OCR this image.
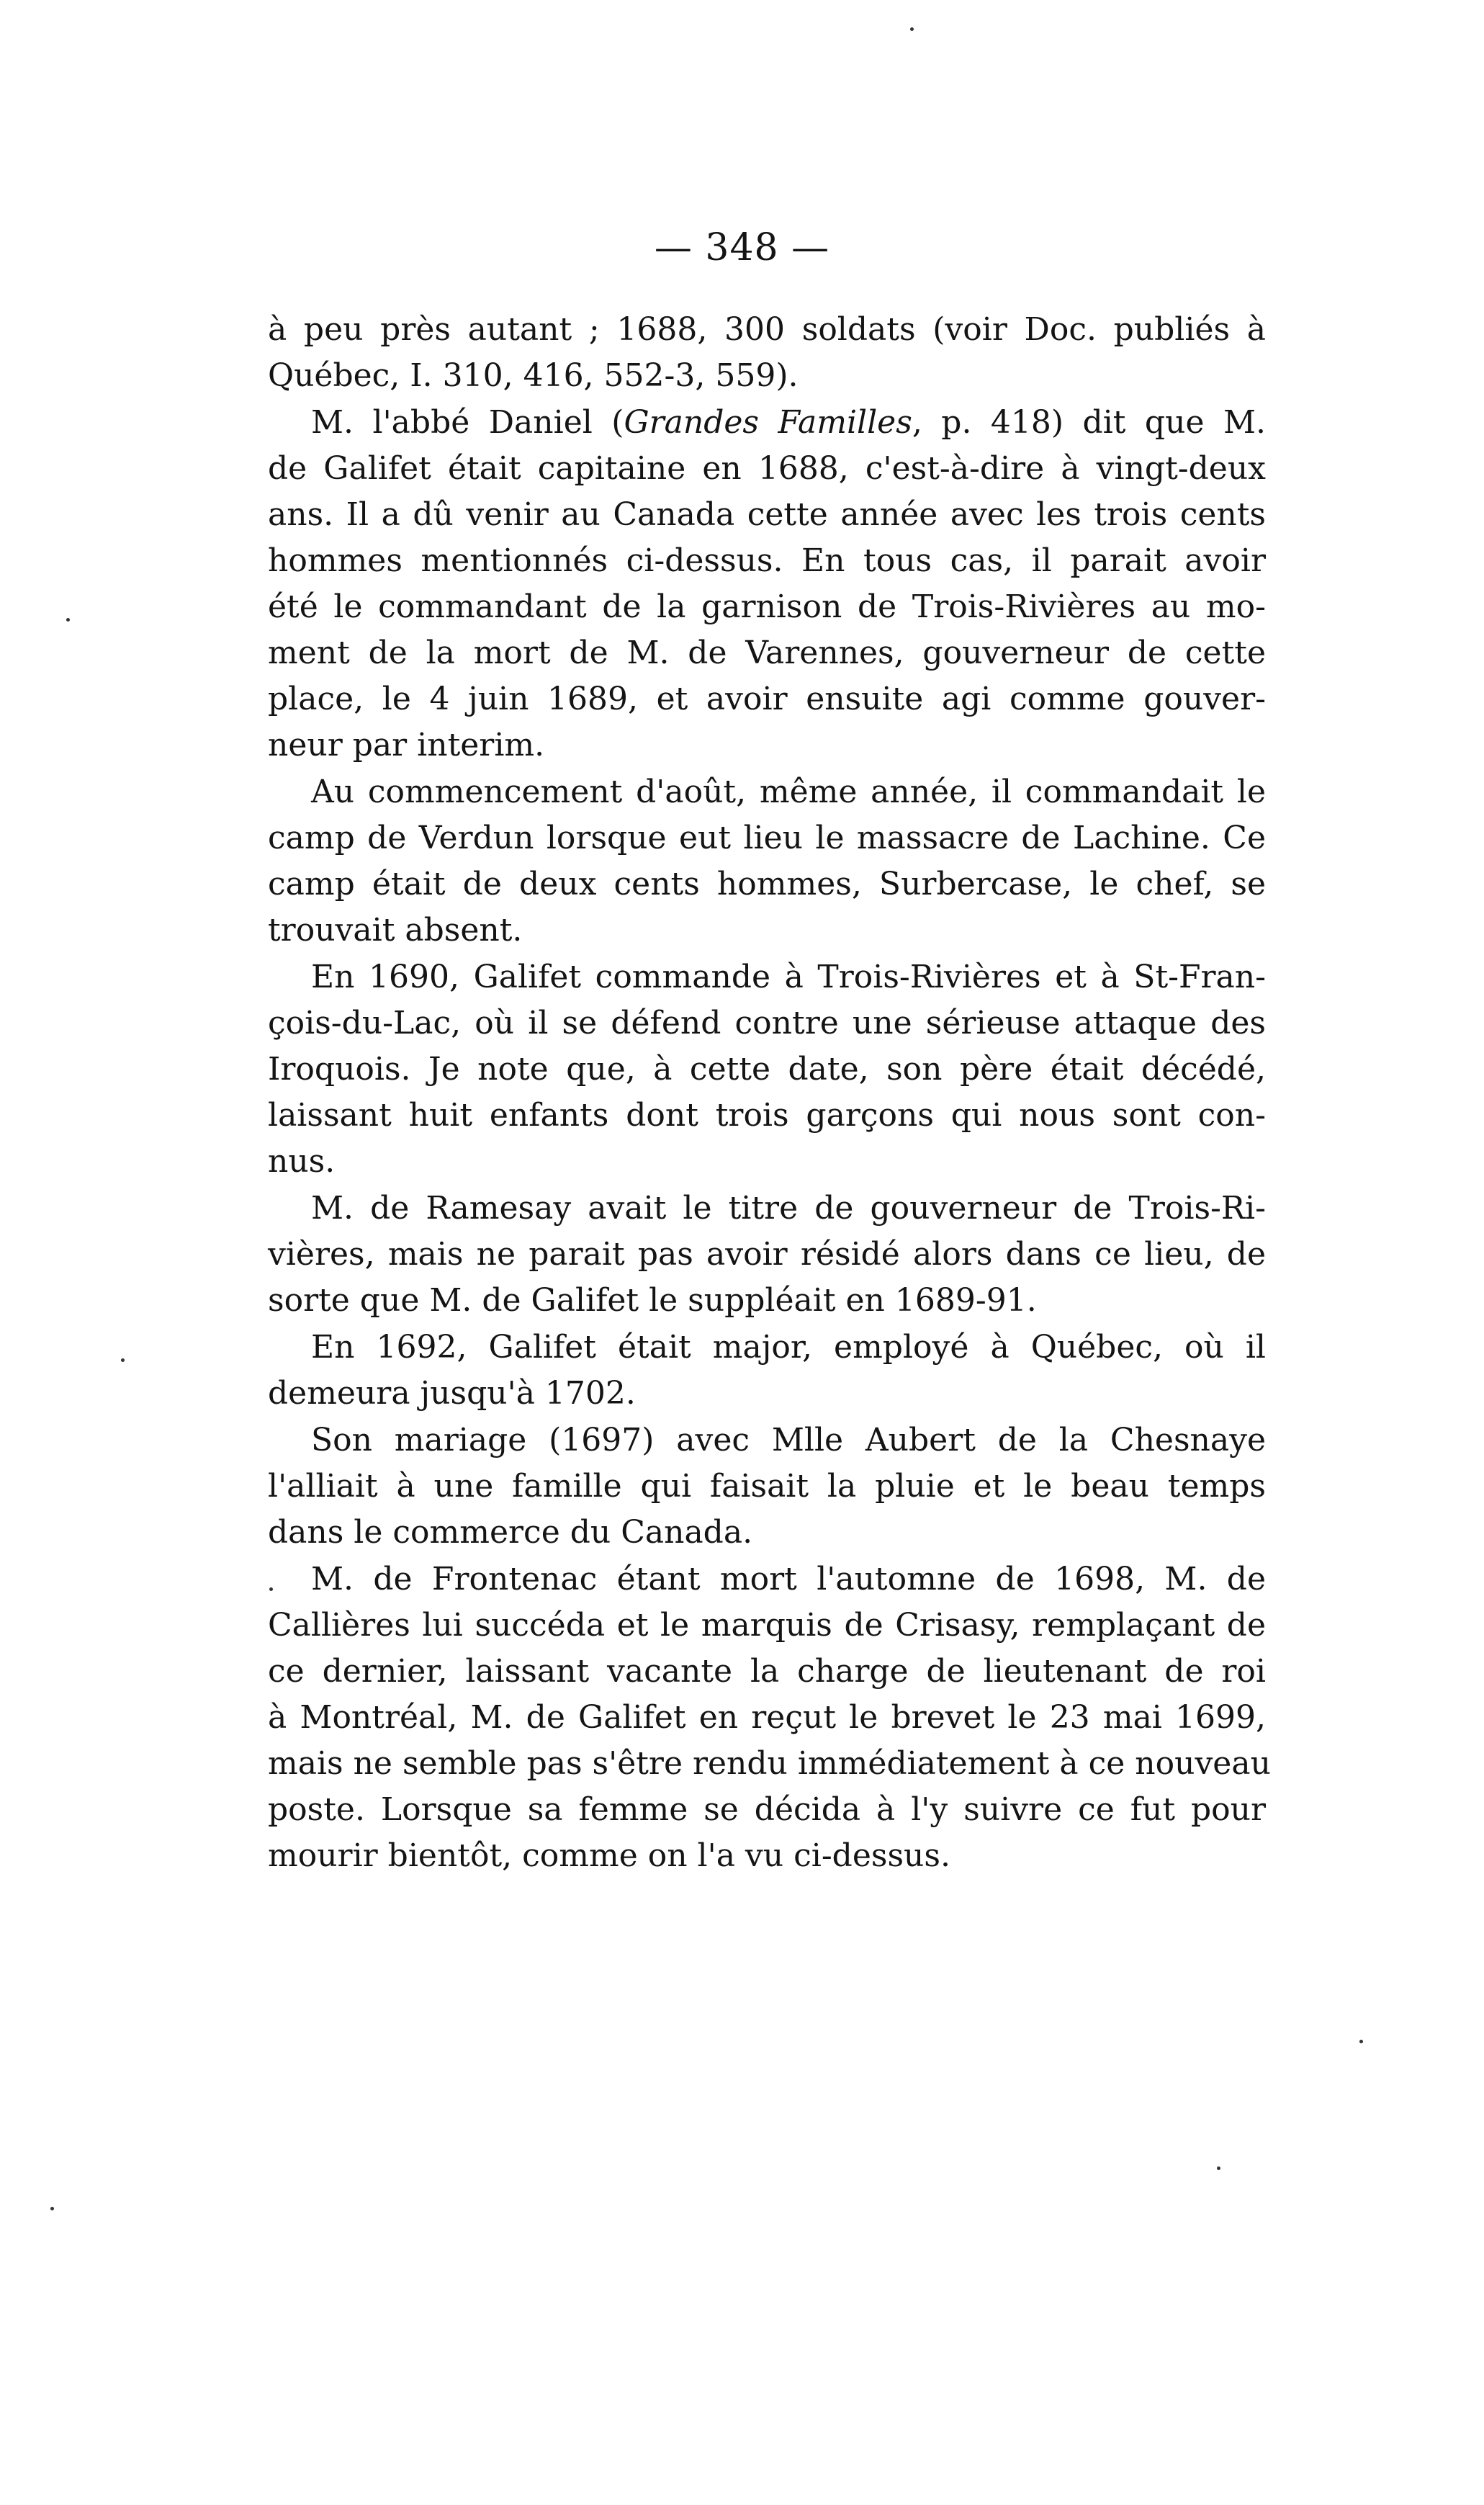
— 348 —
à peu près autant ; 1688, 300 soldats (voir Doc. publiés à
Québec, I. 310, 416, 552-3, 559).
M. l'abbé Daniel (Grandes Familles, p. 418) dit que M.
de Galifet était capitaine en 1688, c'est-à-dire à vingt-deux
ans. Il a dû venir au Canada cette année avec les trois cents
hommes mentionnés ci-dessus. En tous cas, il parait avoir
été le commandant de la garnison de Trois-Rivières au mo-
ment de la mort de M. de Varennes, gouverneur de cette
place, le 4 juin 1689, et avoir ensuite agi comme gouver-
neur par interim.
Au commencement d'août, même année, il commandait le
camp de Verdun lorsque eut lieu le massacre de Lachine. Ce
camp était de deux cents hommes, Surbercase, le chef, se
trouvait absent.
En 1690, Galifet commande à Trois-Rivières et à St-Fran-
çois-du-Lac, où il se défend contre une sérieuse attaque des
Iroquois. Je note que, à cette date, son père était décédé,
laissant huit enfants dont trois garçons qui nous sont con-
nus.
M. de Ramesay avait le titre de gouverneur de Trois-Ri-
vières, mais ne parait pas avoir résidé alors dans ce lieu, de
sorte que M. de Galifet le suppléait en 1689-91.
En 1692, Galifet était major, employé à Québec, où il
demeura jusqu'à 1702.
Son mariage (1697) avec Mlle Aubert de la Chesnaye
l'alliait à une famille qui faisait la pluie et le beau temps
dans le commerce du Canada.
M. de Frontenac étant mort l'automne de 1698, M. de
Callières lui succéda et le marquis de Crisasy, remplaçant de
ce dernier, laissant vacante la charge de lieutenant de roi
à Montréal, M. de Galifet en reçut le brevet le 23 mai 1699,
mais ne semble pas s'être rendu immédiatement à ce nouveau
poste. Lorsque sa femme se décida à l'y suivre ce fut pour
mourir bientôt, comme on l'a vu ci-dessus.
